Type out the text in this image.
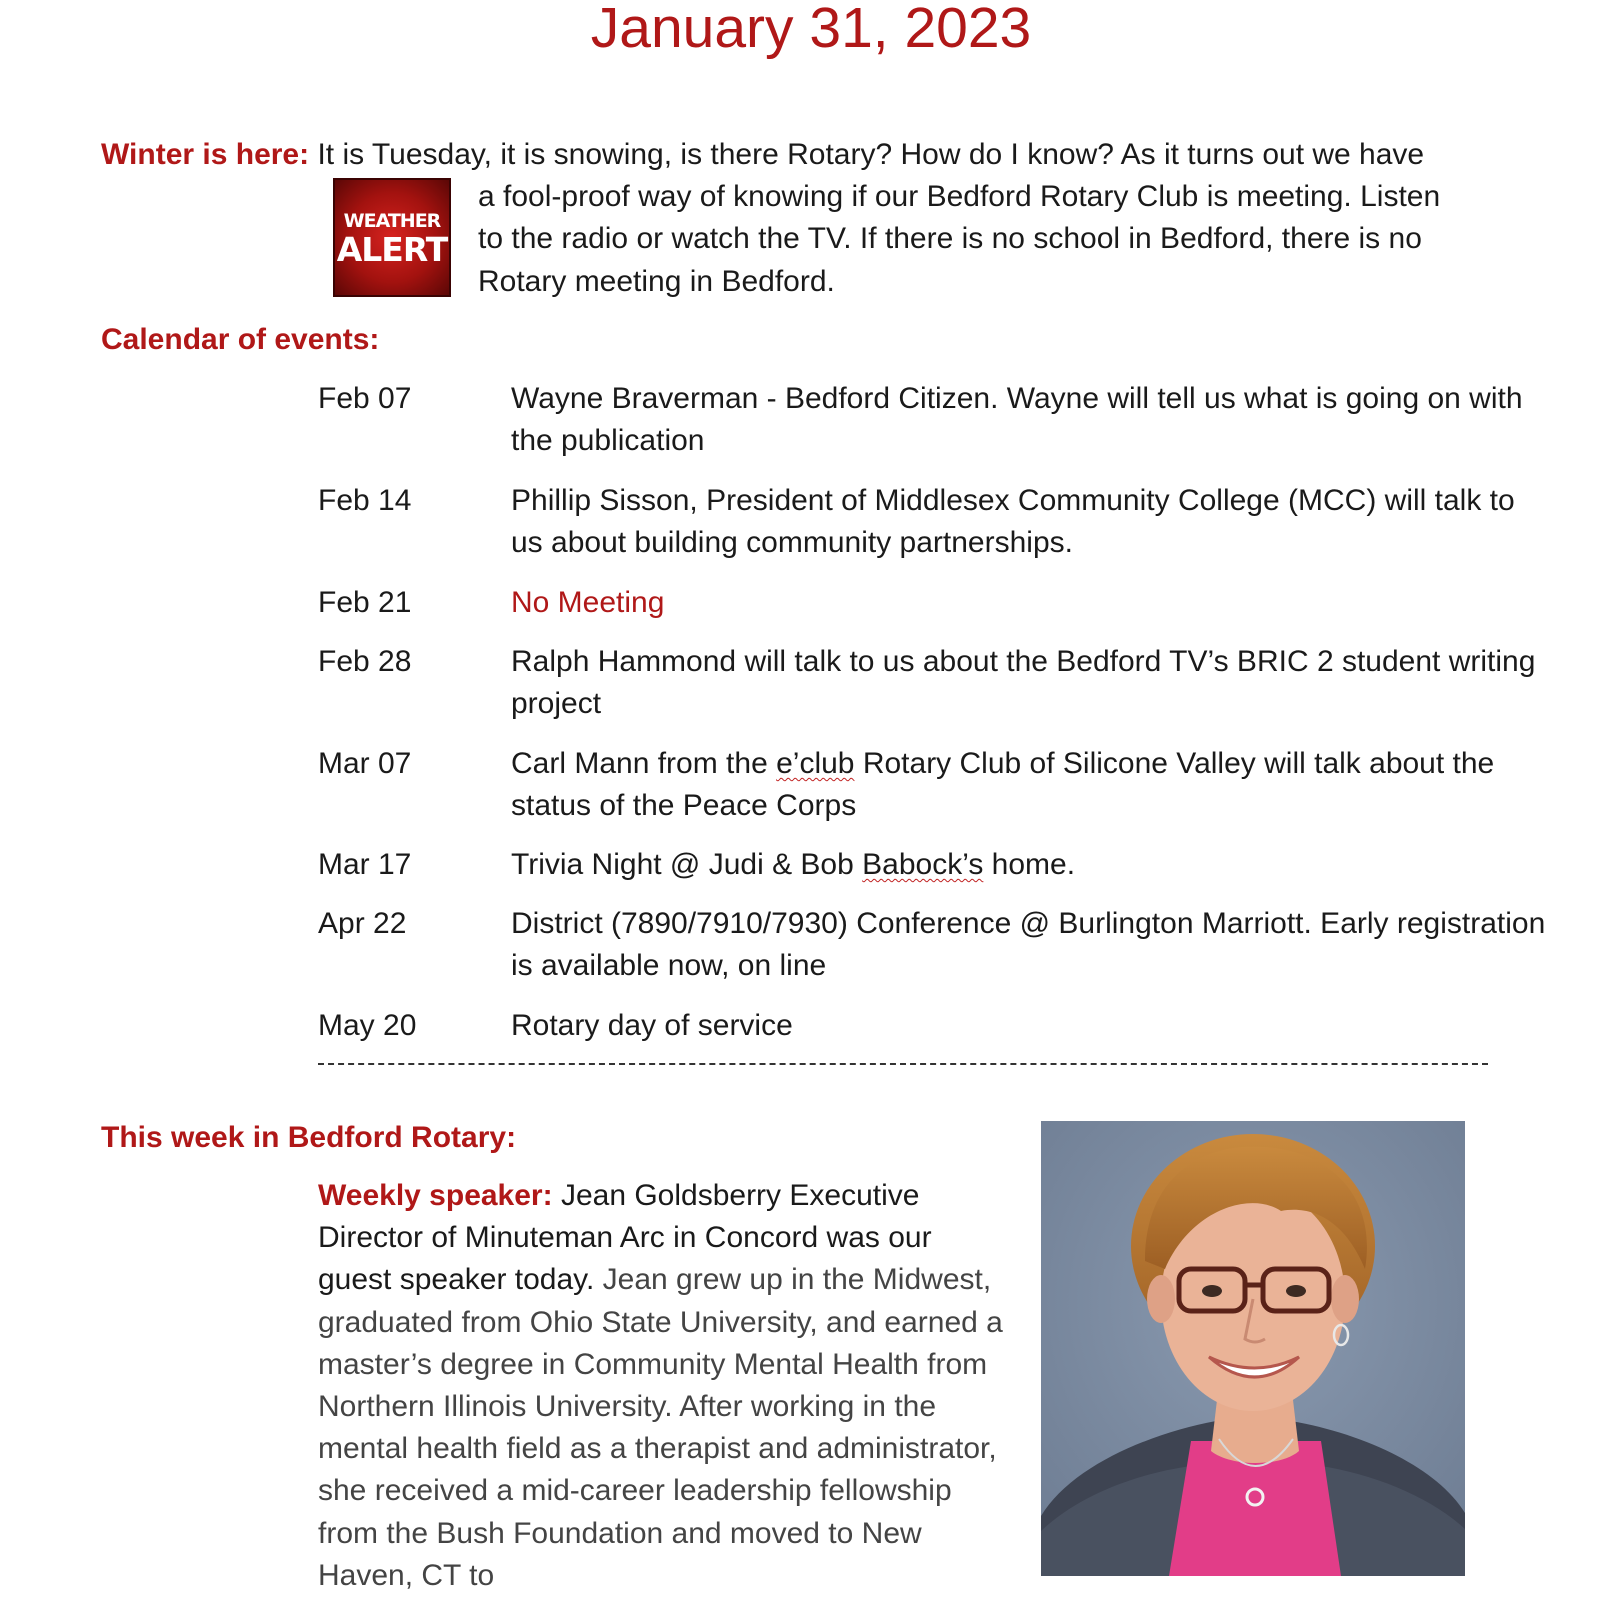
January 31, 2023
Winter is here: It is Tuesday, it is snowing, is there Rotary? How do I know? As it turns out we have
WEATHER
ALERT
a fool-proof way of knowing if our Bedford Rotary Club is meeting. Listen
to the radio or watch the TV. If there is no school in Bedford, there is no
Rotary meeting in Bedford.
Calendar of events:
Feb 07	Wayne Braverman - Bedford Citizen. Wayne will tell us what is going on with the publication
Feb 14	Phillip Sisson, President of Middlesex Community College (MCC) will talk to us about building community partnerships.
Feb 21	No Meeting
Feb 28	Ralph Hammond will talk to us about the Bedford TV’s BRIC 2 student writing project
Mar 07	Carl Mann from the e’club Rotary Club of Silicone Valley will talk about the status of the Peace Corps
Mar 17	Trivia Night @ Judi & Bob Babock’s home.
Apr 22	District (7890/7910/7930) Conference @ Burlington Marriott. Early registration is available now, on line
May 20	Rotary day of service
This week in Bedford Rotary:
Weekly speaker: Jean Goldsberry Executive Director of Minuteman Arc in Concord was our guest speaker today. Jean grew up in the Midwest, graduated from Ohio State University, and earned a master’s degree in Community Mental Health from Northern Illinois University. After working in the mental health field as a therapist and administrator, she received a mid-career leadership fellowship from the Bush Foundation and moved to New Haven, CT to
